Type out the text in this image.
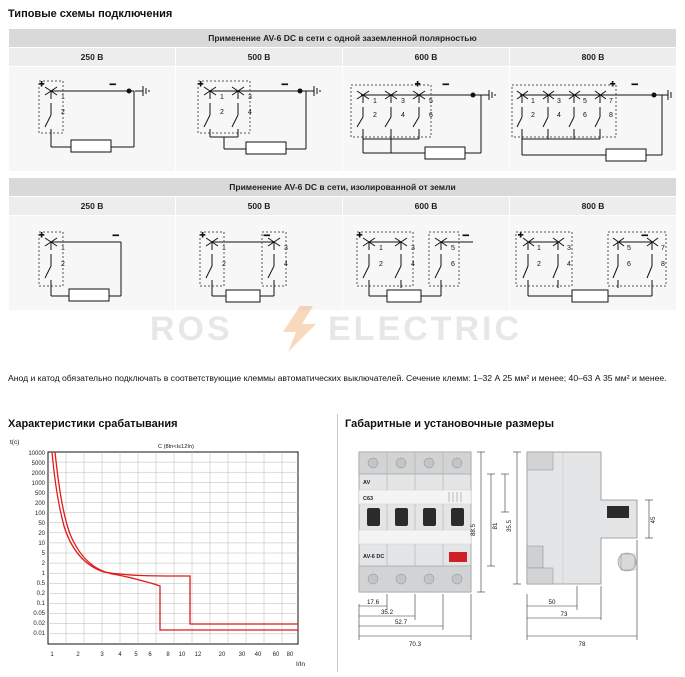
Типовые схемы подключения
Применение AV-6 DC в сети с одной заземленной полярностью			
250 В	500 В	600 В	800 В

+	–
1
2

+	–
1
2
3
4

+ –
1
2
3
4
5
6

+ –
1
2
3
4
5
6
7
8

Применение AV-6 DC в сети, изолированной от земли			
250 В	500 В	600 В	800 В

+	–
1
2

+	–
1
2
3
4

+	–
1
2
3
4
5
6

+	–
1
2
3
4
5
6
7
8
ROS	ELECTRIC
Анод и катод обязательно подключать в соответствующие клеммы автоматических выключателей. Сечение клемм: 1–32 А 25 мм² и менее; 40–63 А 35 мм² и менее.
Характеристики срабатывания	Габаритные и установочные размеры
t(c)
C (8In<I≤12In)
I/In
10000
5000
2000
1000
500
200
100
50
20
10
5
2
1
0.5
0.2
0.1
0.05
0.02
0.01
1	2	3 4 5 6 8 10 12	20 30 40 60 80
AV
C63
AV-6 DC
17.6
35.2
52.7
70.3
88.5 81
50
73
78
35.5	45
